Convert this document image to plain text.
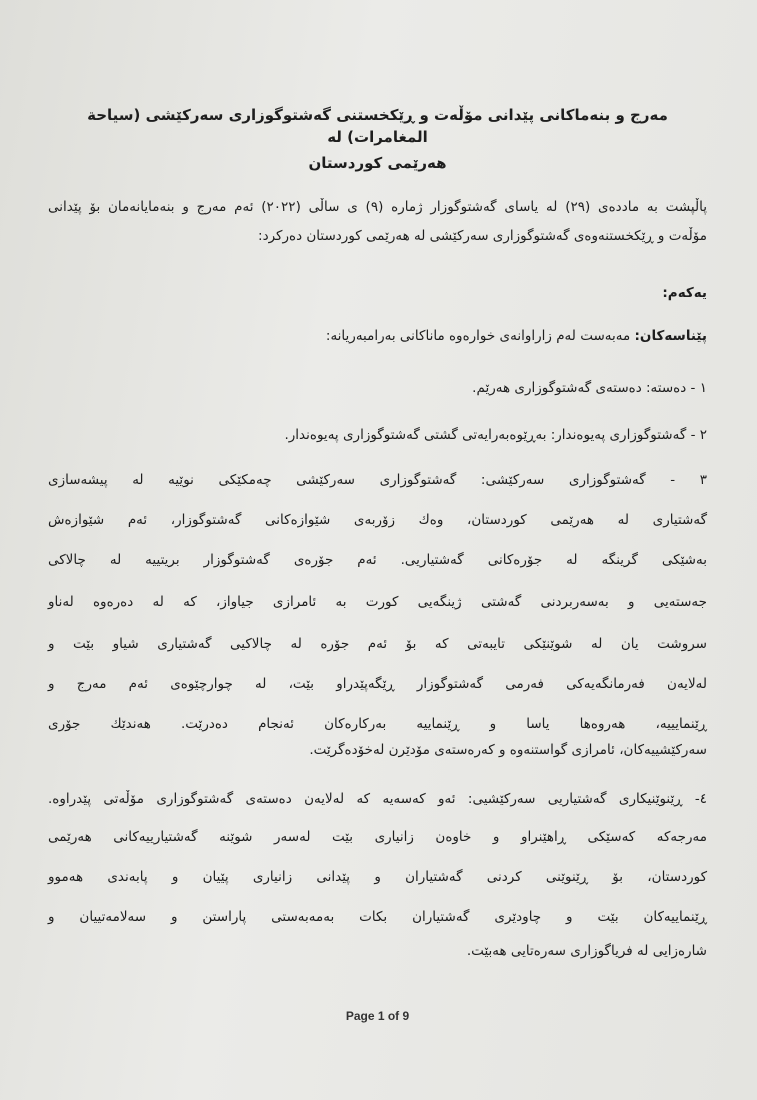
مەرج و بنەماكانی پێدانی مۆڵەت و ڕێكخستنی گەشتوگوزاری سەركێشی (سياحة المغامرات) لە
هەرێمی كوردستان
پاڵپشت بە ماددەی (٢٩) لە یاسای گەشتوگوزار ژمارە (٩) ی ساڵی (٢٠٢٢) ئەم مەرج و بنەمایانەمان بۆ پێدانی
مۆڵەت و ڕێكخستنەوەی گەشتوگوزاری سەركێشی لە هەرێمی كوردستان دەركرد:
یەكەم:
پێناسەكان: مەبەست لەم زاراوانەی خوارەوە ماناكانی بەرامبەریانە:
١ - دەستە: دەستەی گەشتوگوزاری هەرێم.
٢ - گەشتوگوزاری پەیوەندار: بەڕێوەبەرایەتی گشتی گەشتوگوزاری پەیوەندار.
٣ - گەشتوگوزاری سەركێشی: گەشتوگوزاری سەركێشی چەمكێكی نوێیە لە پیشەسازی
گەشتیاری لە هەرێمی كوردستان، وەك زۆربەی شێوازەكانی گەشتوگوزار، ئەم شێوازەش
بەشێكی گرینگە لە جۆرەكانی گەشتیاریی. ئەم جۆرەی گەشتوگوزار بریتییە لە چالاكی
جەستەیی و بەسەربردنی گەشتی ژینگەیی كورت بە ئامرازی جیاواز، كە لە دەرەوە لەناو
سروشت یان لە شوێنێكی تایبەتی كە بۆ ئەم جۆرە لە چالاكیی گەشتیاری شیاو بێت و
لەلایەن فەرمانگەیەكی فەرمی گەشتوگوزار ڕێگەپێدراو بێت، لە چوارچێوەی ئەم مەرج و
ڕێنمایییە، هەروەها یاسا و ڕێنماییە بەركارەكان ئەنجام دەدرێت. هەندێك جۆری
سەركێشییەكان، ئامرازی گواستنەوە و كەرەستەی مۆدێرن لەخۆدەگرێت.
٤- ڕێنوێنیكاری گەشتیاریی سەركێشیی: ئەو كەسەیە كە لەلایەن دەستەی گەشتوگوزاری مۆڵەتی پێدراوە.
مەرجەكە كەسێكی ڕاهێنراو و خاوەن زانیاری بێت لەسەر شوێنە گەشتیارییەكانی هەرێمی
كوردستان، بۆ ڕێنوێنی كردنی گەشتیاران و پێدانی زانیاری پێیان و پابەندی هەموو
ڕێنماییەكان بێت و چاودێری گەشتیاران بكات بەمەبەستی پاراستن و سەلامەتییان و
شارەزایی لە فریاگوزاری سەرەتایی هەبێت.
Page 1 of 9
